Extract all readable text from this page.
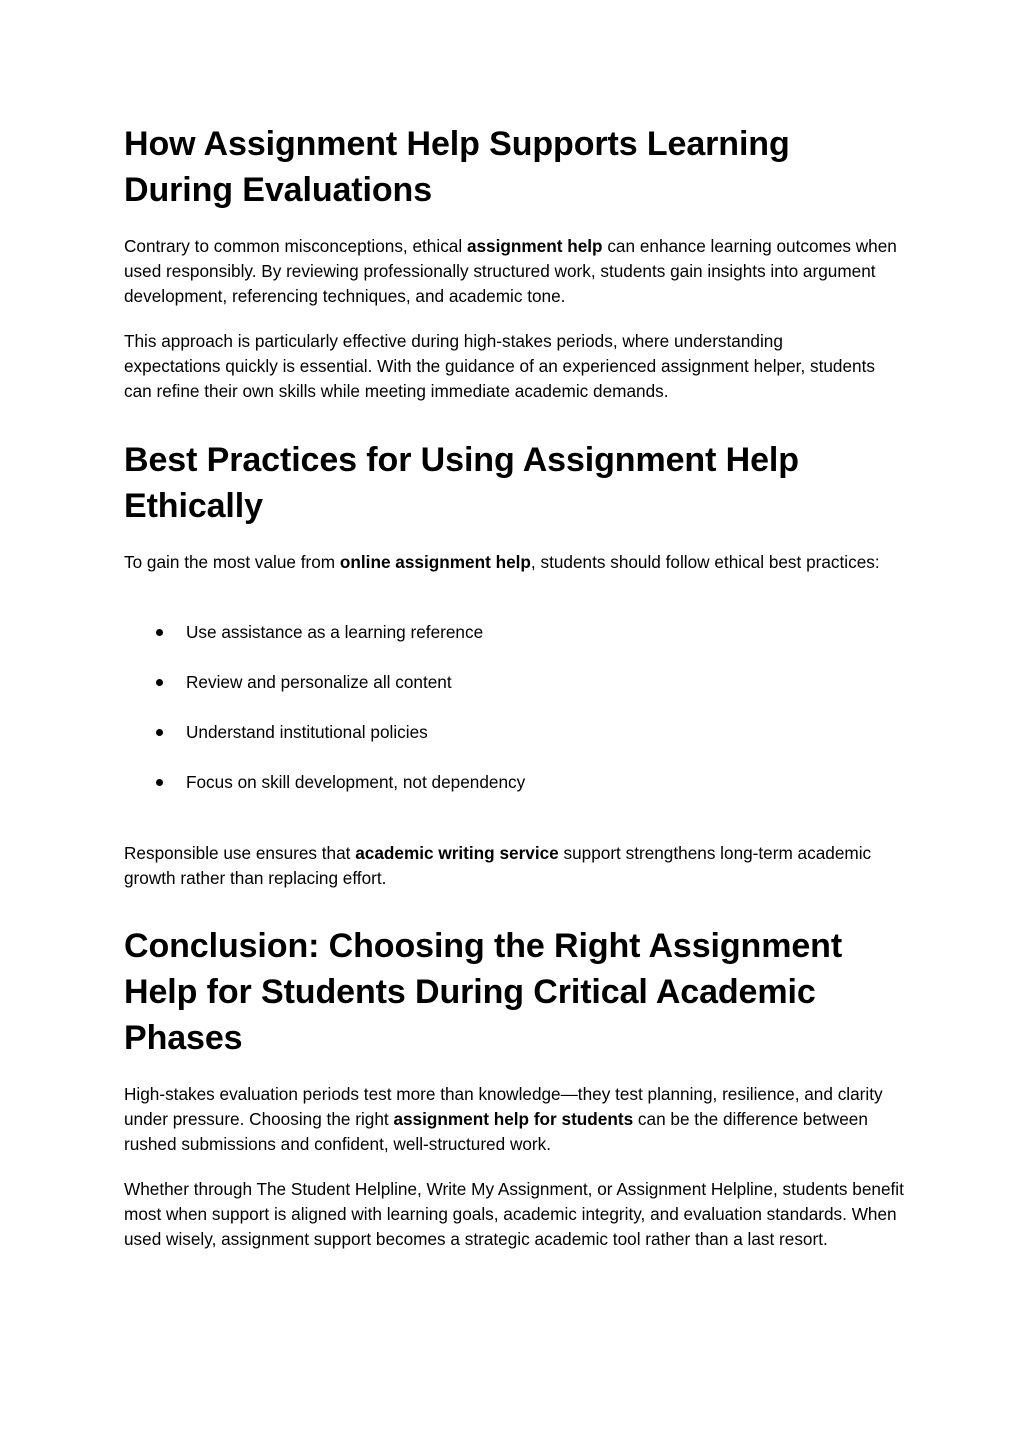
How Assignment Help Supports Learning
During Evaluations

Contrary to common misconceptions, ethical assignment help can enhance learning outcomes when used responsibly. By reviewing professionally structured work, students gain insights into argument development, referencing techniques, and academic tone.

This approach is particularly effective during high-stakes periods, where understanding expectations quickly is essential. With the guidance of an experienced assignment helper, students can refine their own skills while meeting immediate academic demands.

Best Practices for Using Assignment Help
Ethically

To gain the most value from online assignment help, students should follow ethical best practices:

Use assistance as a learning reference
Review and personalize all content
Understand institutional policies
Focus on skill development, not dependency

Responsible use ensures that academic writing service support strengthens long-term academic growth rather than replacing effort.

Conclusion: Choosing the Right Assignment
Help for Students During Critical Academic
Phases

High-stakes evaluation periods test more than knowledge—they test planning, resilience, and clarity under pressure. Choosing the right assignment help for students can be the difference between rushed submissions and confident, well-structured work.

Whether through The Student Helpline, Write My Assignment, or Assignment Helpline, students benefit most when support is aligned with learning goals, academic integrity, and evaluation standards. When used wisely, assignment support becomes a strategic academic tool rather than a last resort.
